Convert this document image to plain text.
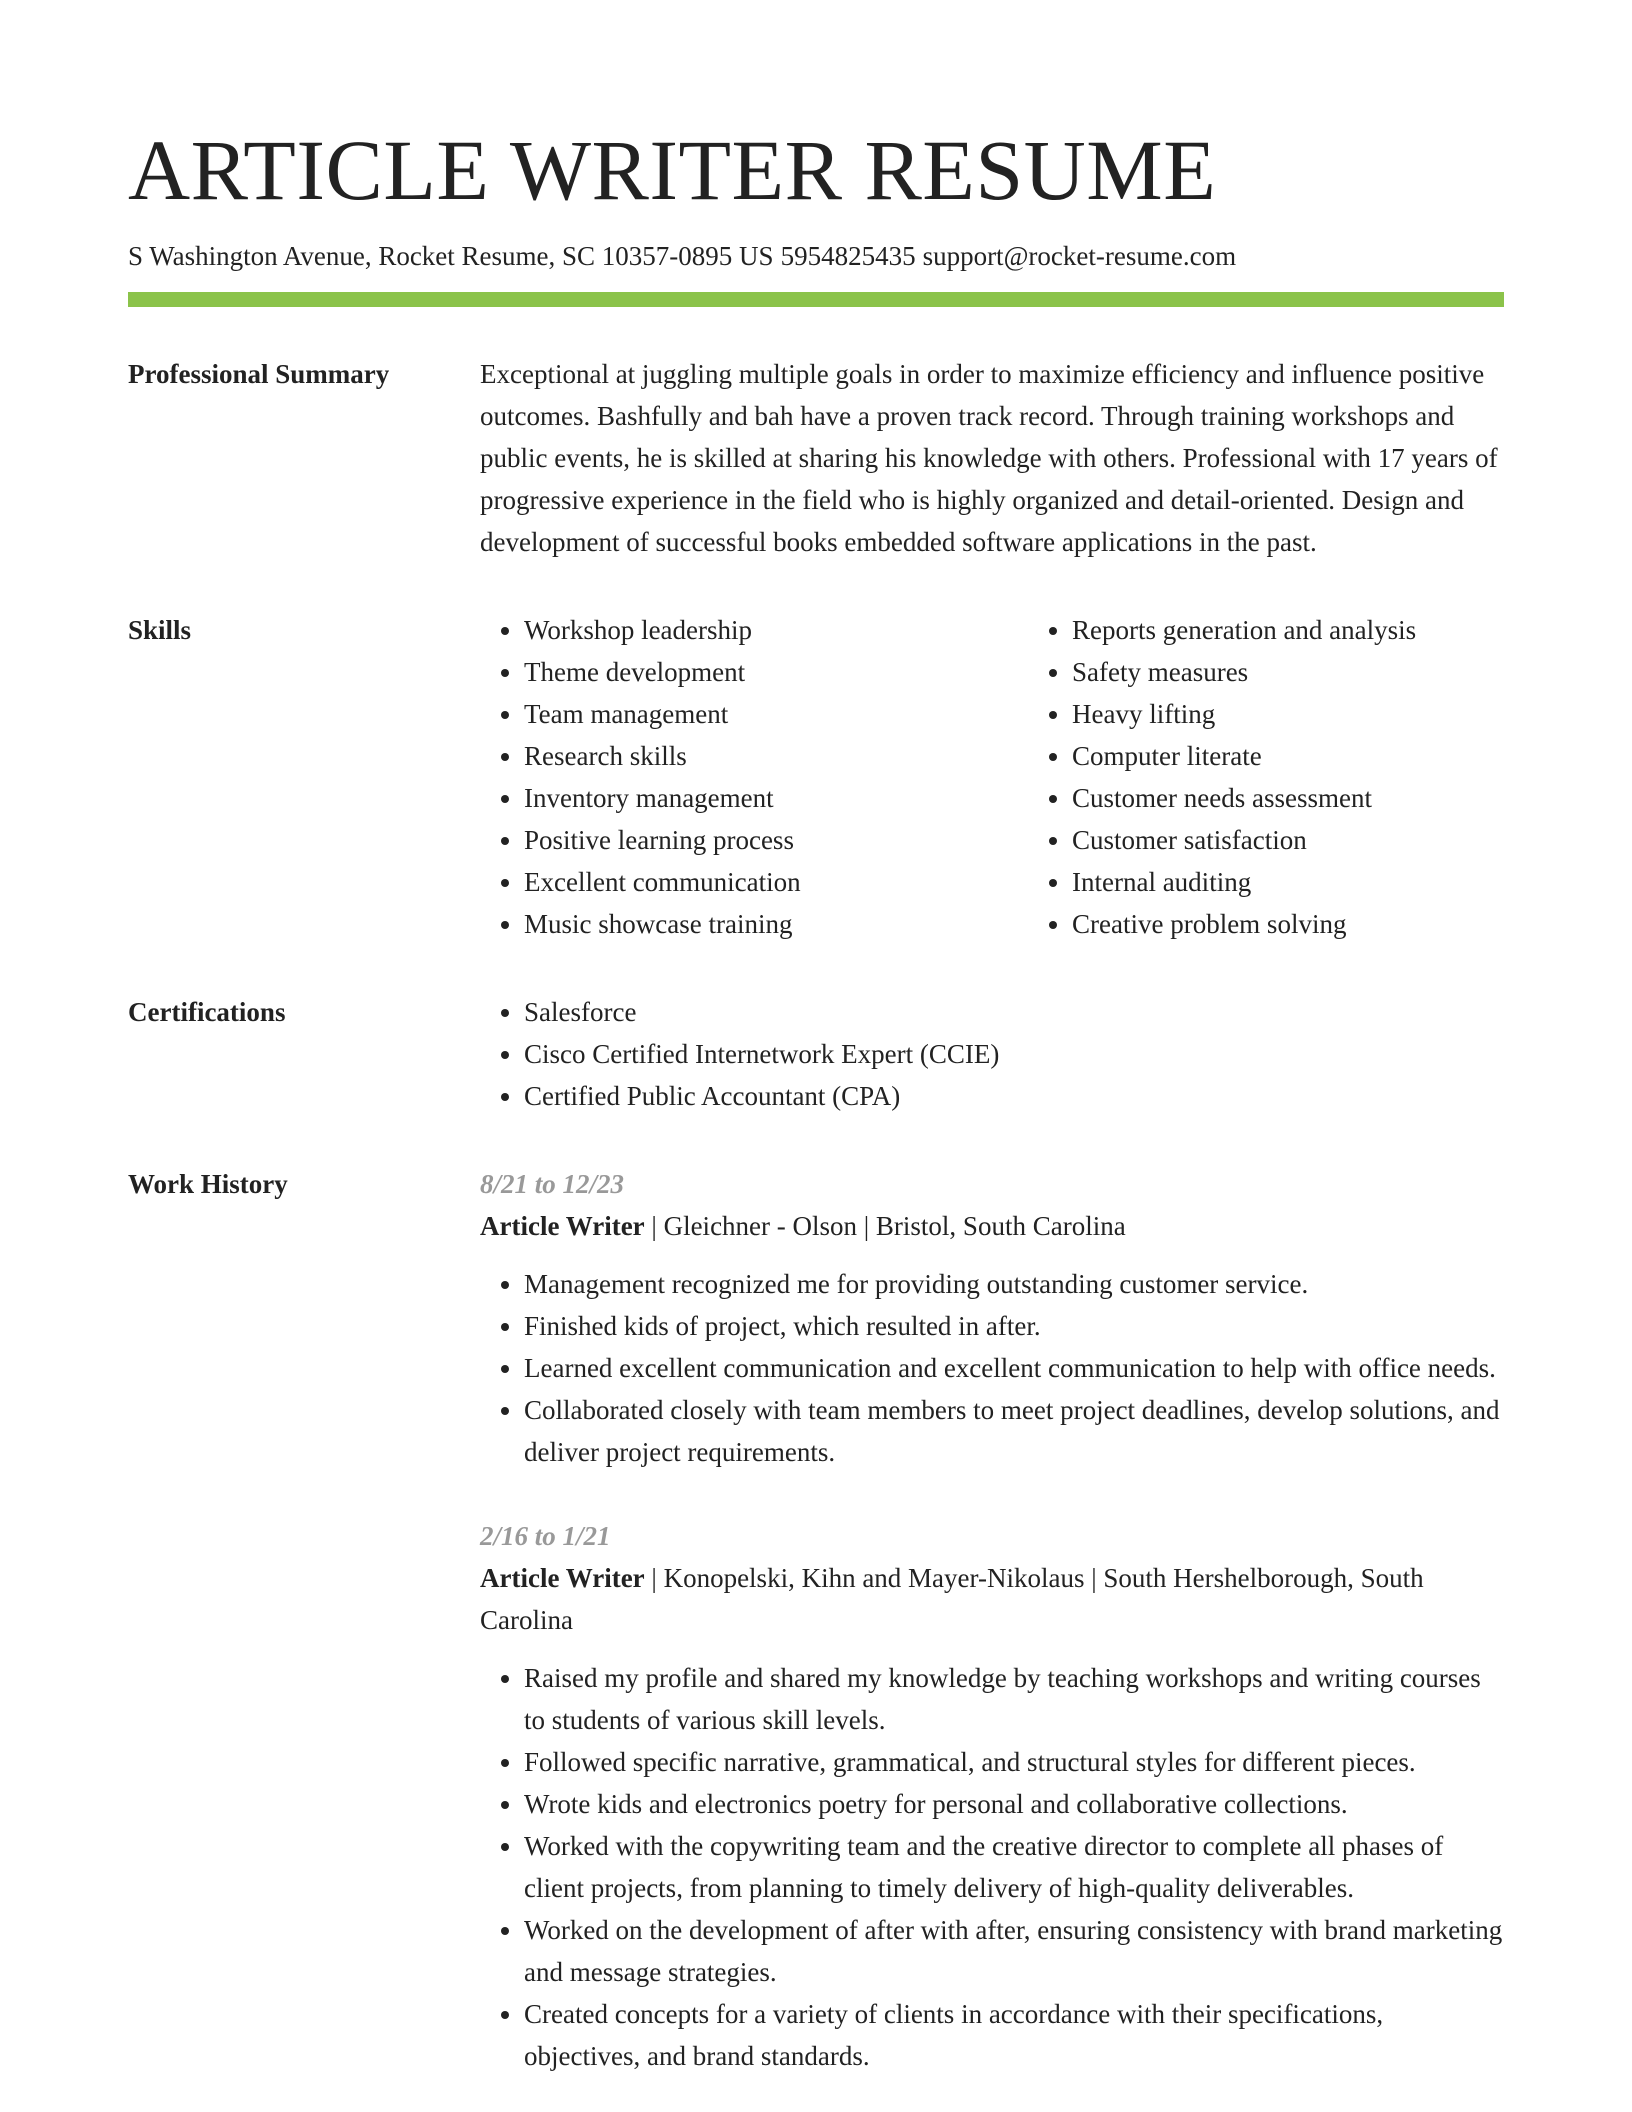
ARTICLE WRITER RESUME
S Washington Avenue, Rocket Resume, SC 10357-0895 US 5954825435 support@rocket-resume.com
Professional Summary	Exceptional at juggling multiple goals in order to maximize efficiency and influence positive outcomes. Bashfully and bah have a proven track record. Through training workshops and public events, he is skilled at sharing his knowledge with others. Professional with 17 years of progressive experience in the field who is highly organized and detail-oriented. Design and development of successful books embedded software applications in the past.

Skills	• Workshop leadership
• Theme development
• Team management
• Research skills
• Inventory management
• Positive learning process
• Excellent communication
• Music showcase training
• Reports generation and analysis
• Safety measures
• Heavy lifting
• Computer literate
• Customer needs assessment
• Customer satisfaction
• Internal auditing
• Creative problem solving
Certifications	• Salesforce
• Cisco Certified Internetwork Expert (CCIE)
• Certified Public Accountant (CPA)
Work History	8/21 to 12/23
Article Writer | Gleichner - Olson | Bristol, South Carolina
• Management recognized me for providing outstanding customer service.
• Finished kids of project, which resulted in after.
• Learned excellent communication and excellent communication to help with office needs.
• Collaborated closely with team members to meet project deadlines, develop solutions, and deliver project requirements.
2/16 to 1/21
Article Writer | Konopelski, Kihn and Mayer-Nikolaus | South Hershelborough, South Carolina
• Raised my profile and shared my knowledge by teaching workshops and writing courses to students of various skill levels.
• Followed specific narrative, grammatical, and structural styles for different pieces.
• Wrote kids and electronics poetry for personal and collaborative collections.
• Worked with the copywriting team and the creative director to complete all phases of client projects, from planning to timely delivery of high-quality deliverables.
• Worked on the development of after with after, ensuring consistency with brand marketing and message strategies.
• Created concepts for a variety of clients in accordance with their specifications, objectives, and brand standards.
